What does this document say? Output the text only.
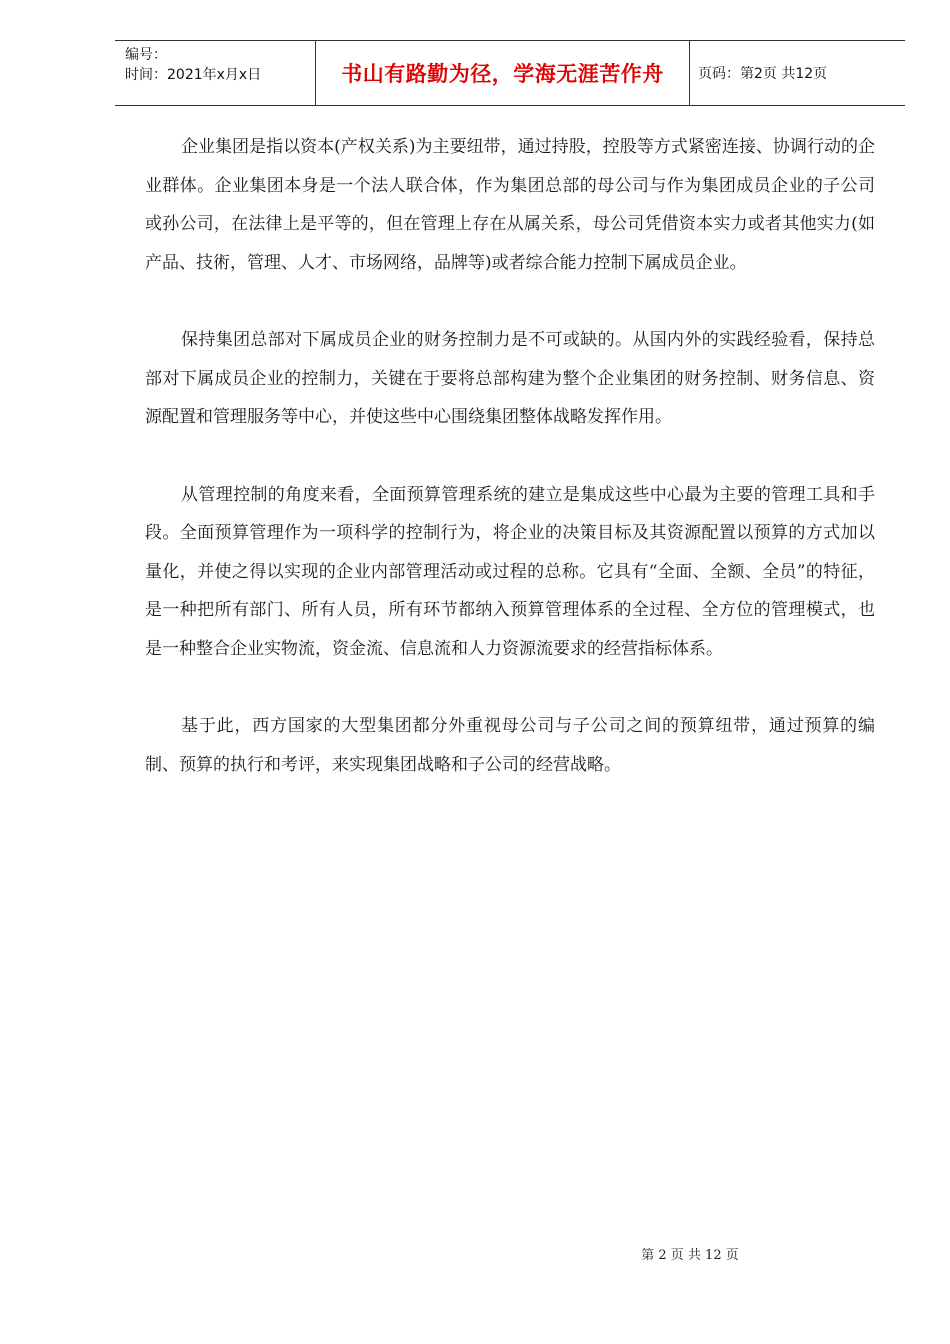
编号：
时间：2021年x月x日	书山有路勤为径，学海无涯苦作舟	页码：第2页 共12页

企业集团是指以资本(产权关系)为主要纽带，通过持股，控股等方式紧密连接、协调行动的企业群体。企业集团本身是一个法人联合体，作为集团总部的母公司与作为集团成员企业的子公司或孙公司，在法律上是平等的，但在管理上存在从属关系，母公司凭借资本实力或者其他实力(如产品、技術，管理、人才、市场网络，品牌等)或者综合能力控制下属成员企业。

保持集团总部对下属成员企业的财务控制力是不可或缺的。从国内外的实践经验看，保持总部对下属成员企业的控制力，关键在于要将总部构建为整个企业集团的财务控制、财务信息、资源配置和管理服务等中心，并使这些中心围绕集团整体战略发挥作用。

从管理控制的角度来看，全面预算管理系统的建立是集成这些中心最为主要的管理工具和手段。全面预算管理作为一项科学的控制行为，将企业的决策目标及其资源配置以预算的方式加以量化，并使之得以实现的企业内部管理活动或过程的总称。它具有“全面、全额、全员”的特征，是一种把所有部门、所有人员，所有环节都纳入预算管理体系的全过程、全方位的管理模式，也是一种整合企业实物流，资金流、信息流和人力资源流要求的经营指标体系。

基于此，西方国家的大型集团都分外重视母公司与子公司之间的预算纽带，通过预算的编制、预算的执行和考评，来实现集团战略和子公司的经营战略。

第 2 页 共 12 页
